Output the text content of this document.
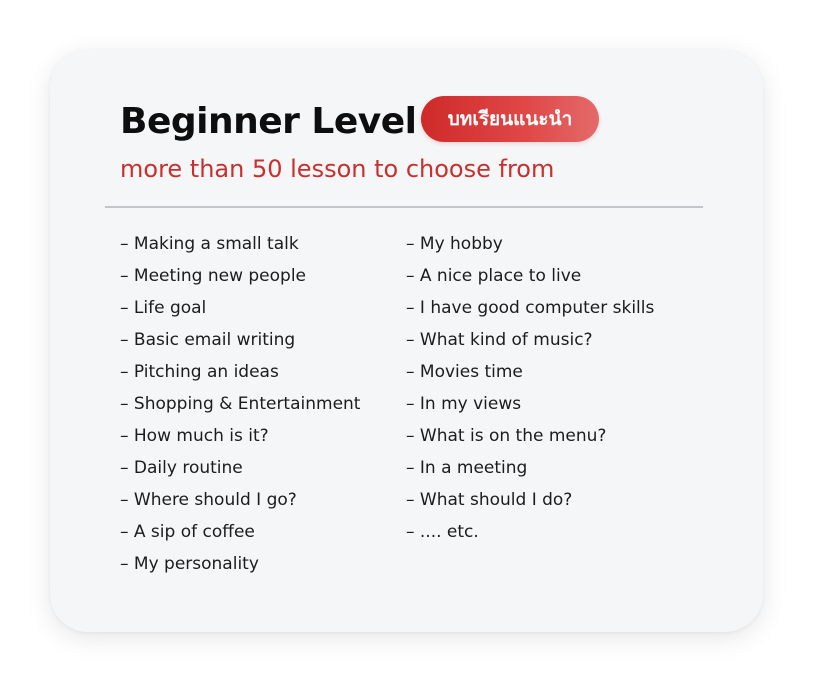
Beginner Level	บทเรียนแนะนำ
more than 50 lesson to choose from
– Making a small talk
– Meeting new people
– Life goal
– Basic email writing
– Pitching an ideas
– Shopping & Entertainment
– How much is it?
– Daily routine
– Where should I go?
– A sip of coffee
– My personality
– My hobby
– A nice place to live
– I have good computer skills
– What kind of music?
– Movies time
– In my views
– What is on the menu?
– In a meeting
– What should I do?
– .... etc.
